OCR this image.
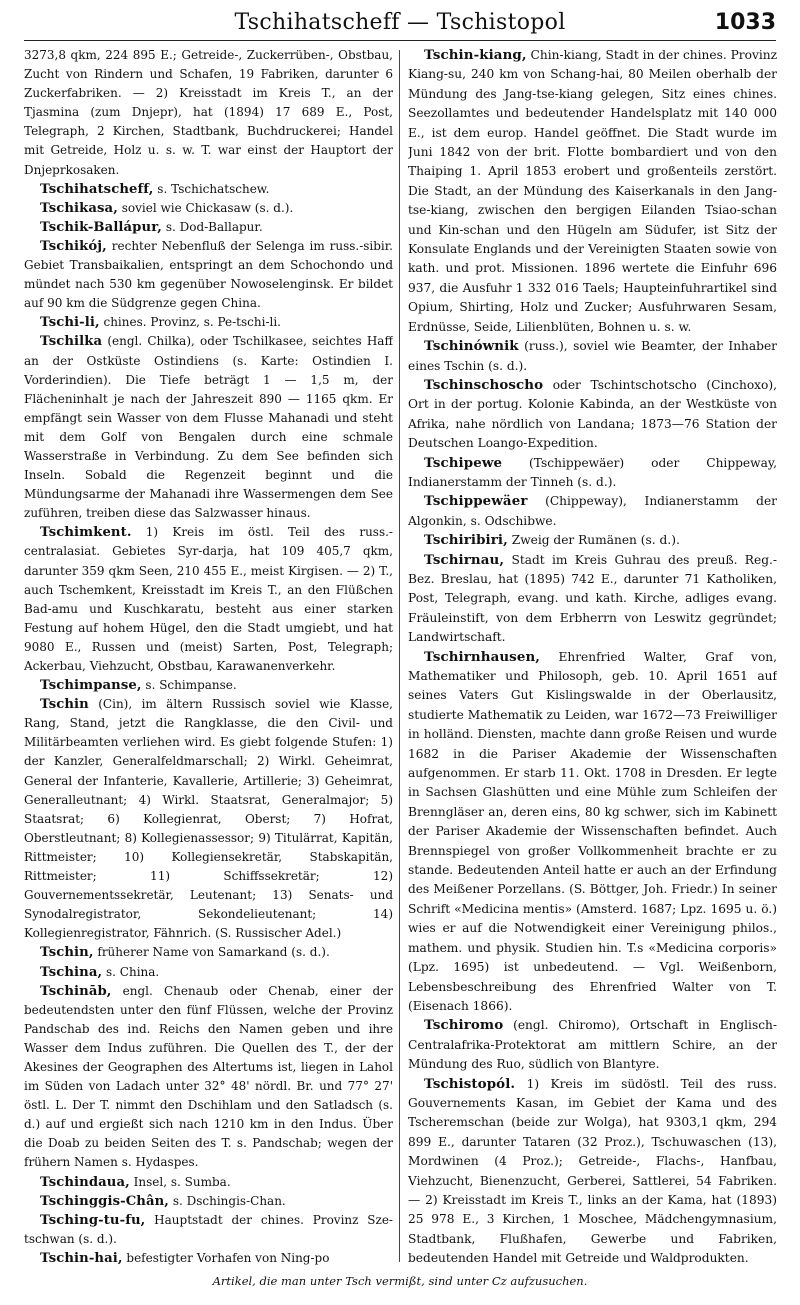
Tschihatscheff — Tschistopol	1033

3273,8 qkm, 224 895 E.; Getreide-, Zuckerrüben-, Obstbau, Zucht von Rindern und Schafen, 19 Fabriken, darunter 6 Zuckerfabriken. — 2) Kreisstadt im Kreis T., an der Tjasmina (zum Dnjepr), hat (1894) 17 689 E., Post, Telegraph, 2 Kirchen, Stadtbank, Buchdruckerei; Handel mit Getreide, Holz u. s. w. T. war einst der Hauptort der Dnjeprkosaken.

Tschihatscheff, s. Tschichatschew.

Tschikasa, soviel wie Chickasaw (s. d.).

Tschik-Ballápur, s. Dod-Ballapur.

Tschikój, rechter Nebenfluß der Selenga im russ.-sibir. Gebiet Transbaikalien, entspringt an dem Schochondo und mündet nach 530 km gegenüber Nowoselenginsk. Er bildet auf 90 km die Südgrenze gegen China.

Tschi-li, chines. Provinz, s. Pe-tschi-li.

Tschilka (engl. Chilka), oder Tschilkasee, seichtes Haff an der Ostküste Ostindiens (s. Karte: Ostindien I. Vorderindien). Die Tiefe beträgt 1 — 1,5 m, der Flächeninhalt je nach der Jahreszeit 890 — 1165 qkm. Er empfängt sein Wasser von dem Flusse Mahanadi und steht mit dem Golf von Bengalen durch eine schmale Wasserstraße in Verbindung. Zu dem See befinden sich Inseln. Sobald die Regenzeit beginnt und die Mündungsarme der Mahanadi ihre Wassermengen dem See zuführen, treiben diese das Salzwasser hinaus.

Tschimkent. 1) Kreis im östl. Teil des russ.-centralasiat. Gebietes Syr-darja, hat 109 405,7 qkm, darunter 359 qkm Seen, 210 455 E., meist Kirgisen. — 2) T., auch Tschemkent, Kreisstadt im Kreis T., an den Flüßchen Bad-amu und Kuschkaratu, besteht aus einer starken Festung auf hohem Hügel, den die Stadt umgiebt, und hat 9080 E., Russen und (meist) Sarten, Post, Telegraph; Ackerbau, Viehzucht, Obstbau, Karawanenverkehr.

Tschimpanse, s. Schimpanse.

Tschin (Cin), im ältern Russisch soviel wie Klasse, Rang, Stand, jetzt die Rangklasse, die den Civil- und Militärbeamten verliehen wird. Es giebt folgende Stufen: 1) der Kanzler, Generalfeldmarschall; 2) Wirkl. Geheimrat, General der Infanterie, Kavallerie, Artillerie; 3) Geheimrat, Generalleutnant; 4) Wirkl. Staatsrat, Generalmajor; 5) Staatsrat; 6) Kollegienrat, Oberst; 7) Hofrat, Oberstleutnant; 8) Kollegienassessor; 9) Titulärrat, Kapitän, Rittmeister; 10) Kollegiensekretär, Stabskapitän, Rittmeister; 11) Schiffssekretär; 12) Gouvernementssekretär, Leutenant; 13) Senats- und Synodalregistrator, Sekondelieutenant; 14) Kollegienregistrator, Fähnrich. (S. Russischer Adel.)

Tschin, früherer Name von Samarkand (s. d.).

Tschina, s. China.

Tschināb, engl. Chenaub oder Chenab, einer der bedeutendsten unter den fünf Flüssen, welche der Provinz Pandschab des ind. Reichs den Namen geben und ihre Wasser dem Indus zuführen. Die Quellen des T., der der Akesines der Geographen des Altertums ist, liegen in Lahol im Süden von Ladach unter 32° 48' nördl. Br. und 77° 27' östl. L. Der T. nimmt den Dschihlam und den Satladsch (s. d.) auf und ergießt sich nach 1210 km in den Indus. Über die Doab zu beiden Seiten des T. s. Pandschab; wegen der frühern Namen s. Hydaspes.

Tschindaua, Insel, s. Sumba.

Tschinggis-Chân, s. Dschingis-Chan.

Tsching-tu-fu, Hauptstadt der chines. Provinz Sze-tschwan (s. d.).

Tschin-hai, befestigter Vorhafen von Ning-po

Tschin-kiang, Chin-kiang, Stadt in der chines. Provinz Kiang-su, 240 km von Schang-hai, 80 Meilen oberhalb der Mündung des Jang-tse-kiang gelegen, Sitz eines chines. Seezollamtes und bedeutender Handelsplatz mit 140 000 E., ist dem europ. Handel geöffnet. Die Stadt wurde im Juni 1842 von der brit. Flotte bombardiert und von den Thaiping 1. April 1853 erobert und großenteils zerstört. Die Stadt, an der Mündung des Kaiserkanals in den Jang-tse-kiang, zwischen den bergigen Eilanden Tsiao-schan und Kin-schan und den Hügeln am Südufer, ist Sitz der Konsulate Englands und der Vereinigten Staaten sowie von kath. und prot. Missionen. 1896 wertete die Einfuhr 696 937, die Ausfuhr 1 332 016 Taels; Haupteinfuhrartikel sind Opium, Shirting, Holz und Zucker; Ausfuhrwaren Sesam, Erdnüsse, Seide, Lilienblüten, Bohnen u. s. w.

Tschinównik (russ.), soviel wie Beamter, der Inhaber eines Tschin (s. d.).

Tschinschoscho oder Tschintschotscho (Cinchoxo), Ort in der portug. Kolonie Kabinda, an der Westküste von Afrika, nahe nördlich von Landana; 1873—76 Station der Deutschen Loango-Expedition.

Tschipewe (Tschippewäer) oder Chippeway, Indianerstamm der Tinneh (s. d.).

Tschippewäer (Chippeway), Indianerstamm der Algonkin, s. Odschibwe.

Tschiribiri, Zweig der Rumänen (s. d.).

Tschirnau, Stadt im Kreis Guhrau des preuß. Reg.-Bez. Breslau, hat (1895) 742 E., darunter 71 Katholiken, Post, Telegraph, evang. und kath. Kirche, adliges evang. Fräuleinstift, von dem Erbherrn von Leswitz gegründet; Landwirtschaft.

Tschirnhausen, Ehrenfried Walter, Graf von, Mathematiker und Philosoph, geb. 10. April 1651 auf seines Vaters Gut Kislingswalde in der Oberlausitz, studierte Mathematik zu Leiden, war 1672—73 Freiwilliger in holländ. Diensten, machte dann große Reisen und wurde 1682 in die Pariser Akademie der Wissenschaften aufgenommen. Er starb 11. Okt. 1708 in Dresden. Er legte in Sachsen Glashütten und eine Mühle zum Schleifen der Brenngläser an, deren eins, 80 kg schwer, sich im Kabinett der Pariser Akademie der Wissenschaften befindet. Auch Brennspiegel von großer Vollkommenheit brachte er zu stande. Bedeutenden Anteil hatte er auch an der Erfindung des Meißener Porzellans. (S. Böttger, Joh. Friedr.) In seiner Schrift «Medicina mentis» (Amsterd. 1687; Lpz. 1695 u. ö.) wies er auf die Notwendigkeit einer Vereinigung philos., mathem. und physik. Studien hin. T.s «Medicina corporis» (Lpz. 1695) ist unbedeutend. — Vgl. Weißenborn, Lebensbeschreibung des Ehrenfried Walter von T. (Eisenach 1866).

Tschiromo (engl. Chiromo), Ortschaft in Englisch-Centralafrika-Protektorat am mittlern Schire, an der Mündung des Ruo, südlich von Blantyre.

Tschistopól. 1) Kreis im südöstl. Teil des russ. Gouvernements Kasan, im Gebiet der Kama und des Tscheremschan (beide zur Wolga), hat 9303,1 qkm, 294 899 E., darunter Tataren (32 Proz.), Tschuwaschen (13), Mordwinen (4 Proz.); Getreide-, Flachs-, Hanfbau, Viehzucht, Bienenzucht, Gerberei, Sattlerei, 54 Fabriken. — 2) Kreisstadt im Kreis T., links an der Kama, hat (1893) 25 978 E., 3 Kirchen, 1 Moschee, Mädchengymnasium, Stadtbank, Flußhafen, Gewerbe und Fabriken, bedeutenden Handel mit Getreide und Waldprodukten.

Artikel, die man unter Tsch vermißt, sind unter Cz aufzusuchen.
